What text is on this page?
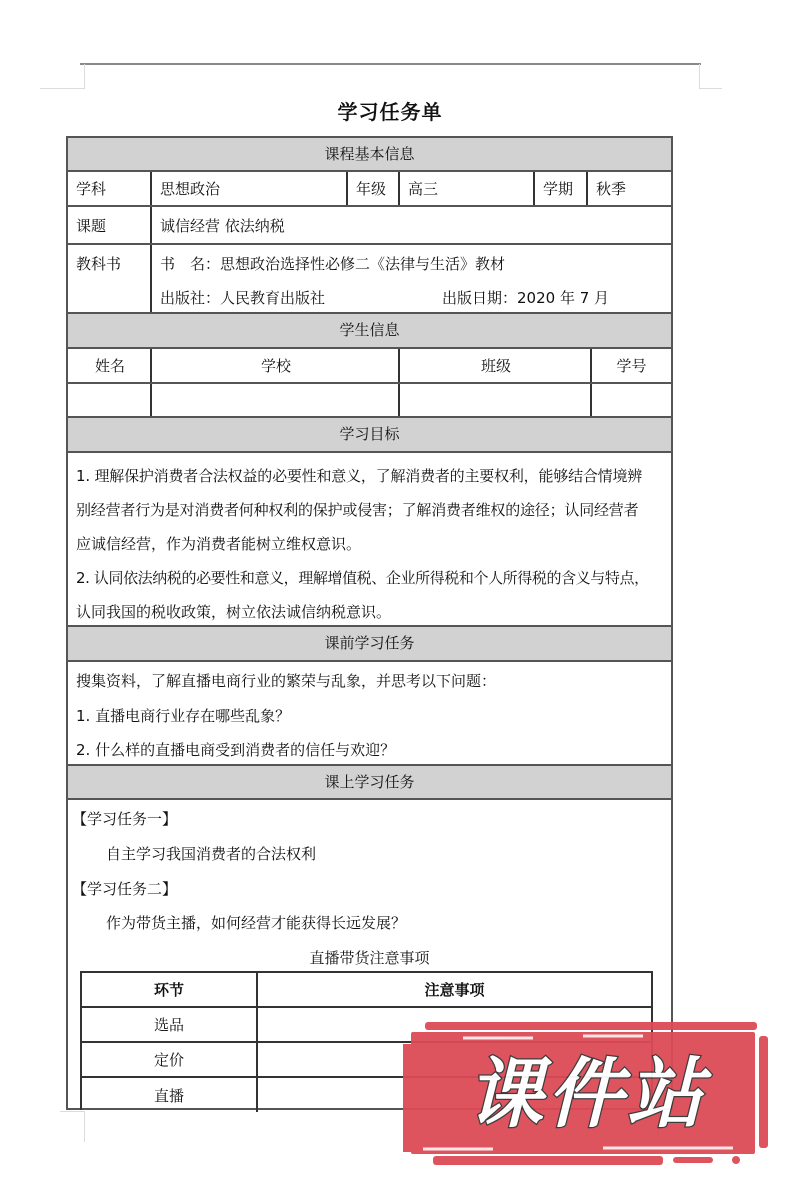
学习任务单
课程基本信息
学科	思想政治	年级	高三	学期	秋季
课题	诚信经营 依法纳税
教科书	书　名：思想政治选择性必修二《法律与生活》教材
出版社：人民教育出版社	出版日期：2020 年 7 月
学生信息
姓名	学校	班级	学号
学习目标
1. 理解保护消费者合法权益的必要性和意义，了解消费者的主要权利，能够结合情境辨
别经营者行为是对消费者何种权利的保护或侵害；了解消费者维权的途径；认同经营者
应诚信经营，作为消费者能树立维权意识。
2. 认同依法纳税的必要性和意义，理解增值税、企业所得税和个人所得税的含义与特点，
认同我国的税收政策，树立依法诚信纳税意识。
课前学习任务
搜集资料，了解直播电商行业的繁荣与乱象，并思考以下问题：
1. 直播电商行业存在哪些乱象？
2. 什么样的直播电商受到消费者的信任与欢迎？
课上学习任务
【学习任务一】
自主学习我国消费者的合法权利
【学习任务二】
作为带货主播，如何经营才能获得长远发展？
直播带货注意事项
环节	注意事项
选品
定价
直播	课件站
